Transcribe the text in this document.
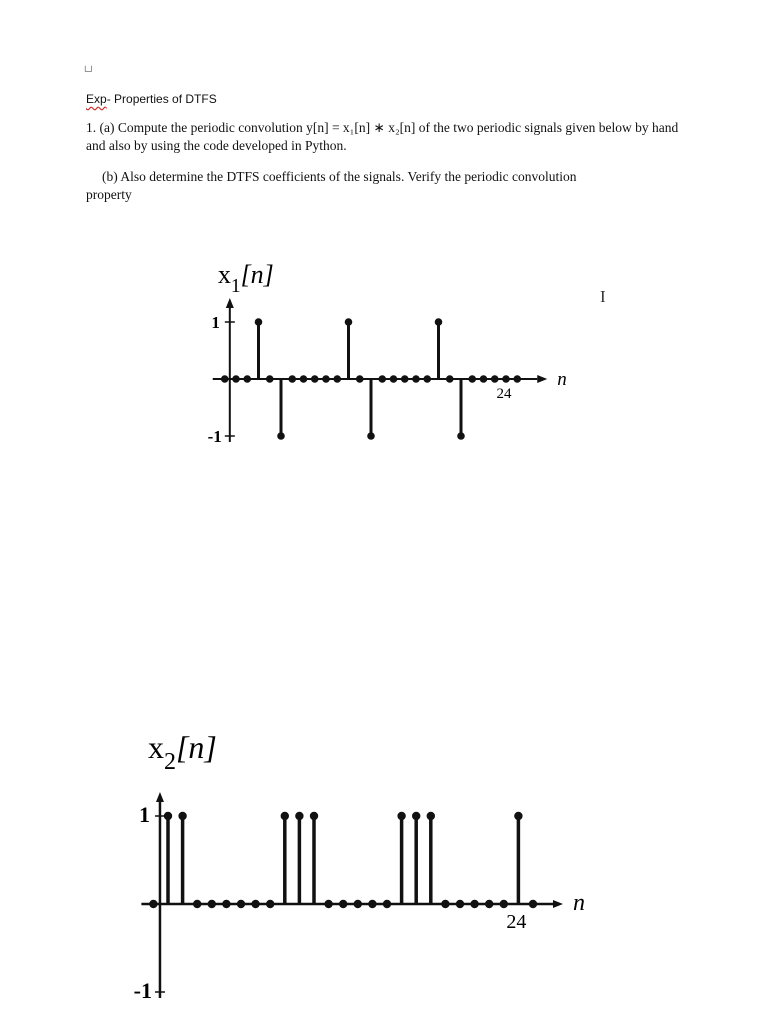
└┘
Exp- Properties of DTFS
1. (a) Compute the periodic convolution y[n] = x₁[n] ∗ x₂[n] of the two periodic signals given below by hand and also by using the code developed in Python.
(b) Also determine the DTFS coefficients of the signals. Verify the periodic convolution
property
I
1
-1
24
n
$x_1[n]$
1
-1
24
n
$x_2[n]$
